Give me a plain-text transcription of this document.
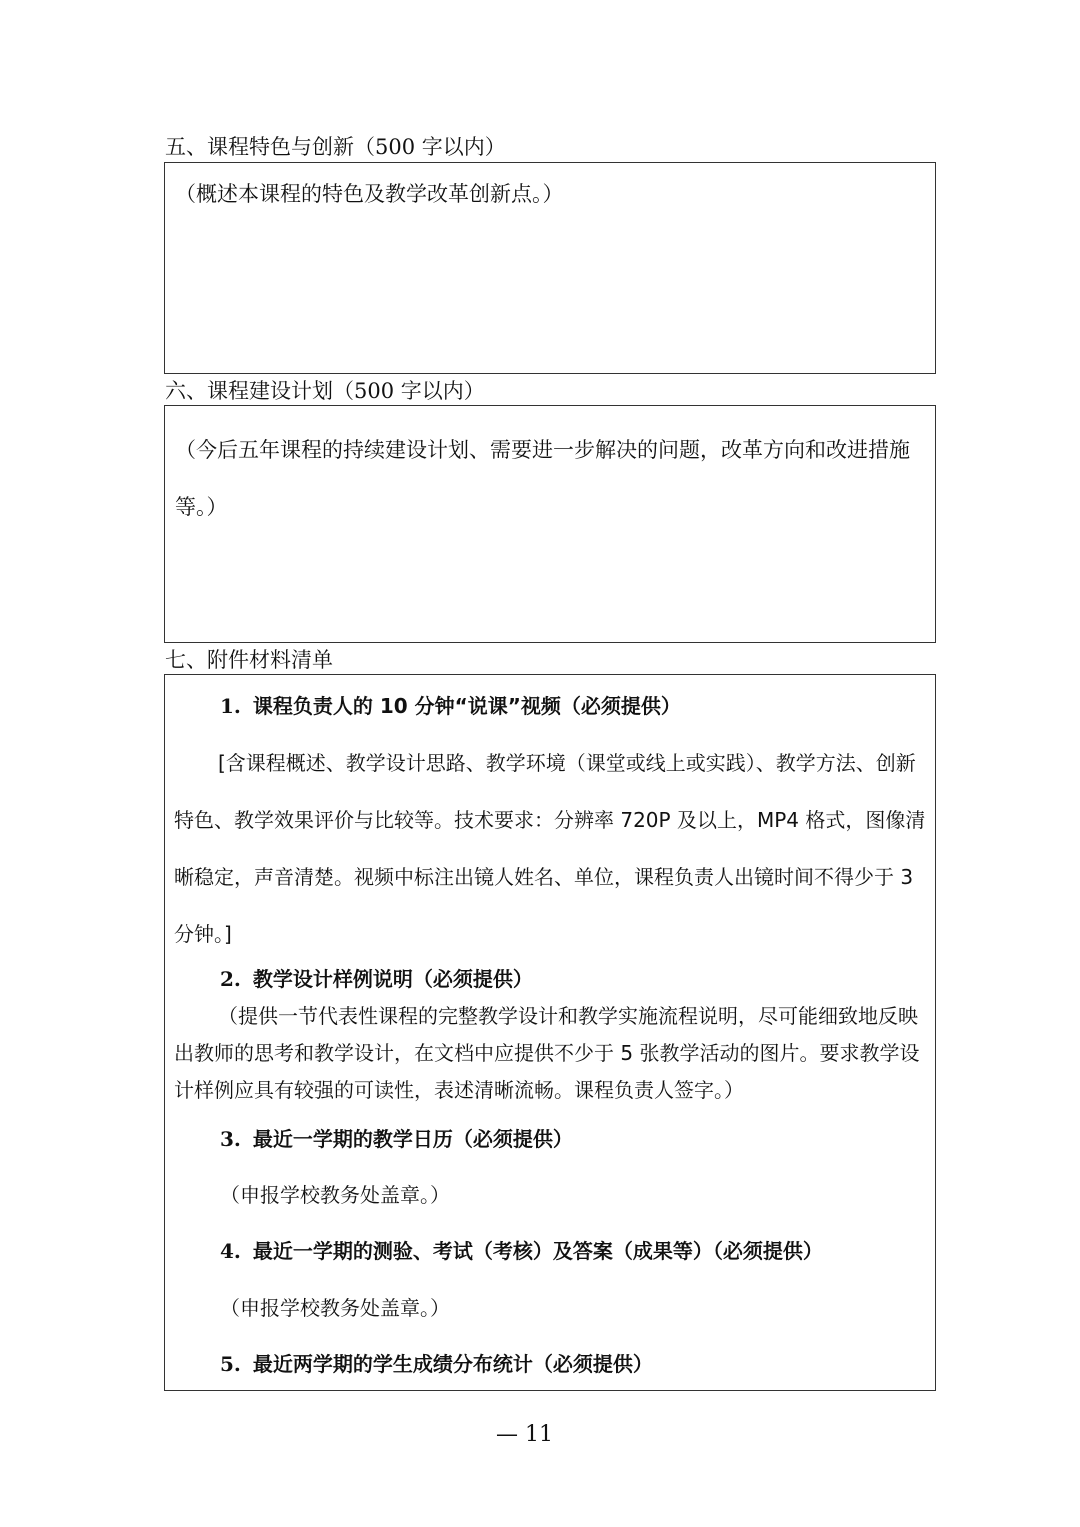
五、课程特色与创新（500 字以内）
（概述本课程的特色及教学改革创新点。）
六、课程建设计划（500 字以内）
（今后五年课程的持续建设计划、需要进一步解决的问题，改革方向和改进措施等。）
七、附件材料清单
1. 课程负责人的 10 分钟“说课”视频（必须提供）
[含课程概述、教学设计思路、教学环境（课堂或线上或实践）、教学方法、创新特色、教学效果评价与比较等。技术要求：分辨率 720P 及以上，MP4 格式，图像清晰稳定，声音清楚。视频中标注出镜人姓名、单位，课程负责人出镜时间不得少于 3 分钟。]
2. 教学设计样例说明（必须提供）
（提供一节代表性课程的完整教学设计和教学实施流程说明，尽可能细致地反映出教师的思考和教学设计，在文档中应提供不少于 5 张教学活动的图片。要求教学设计样例应具有较强的可读性，表述清晰流畅。课程负责人签字。）
3. 最近一学期的教学日历（必须提供）
（申报学校教务处盖章。）
4. 最近一学期的测验、考试（考核）及答案（成果等）（必须提供）
（申报学校教务处盖章。）
5. 最近两学期的学生成绩分布统计（必须提供）
— 11
